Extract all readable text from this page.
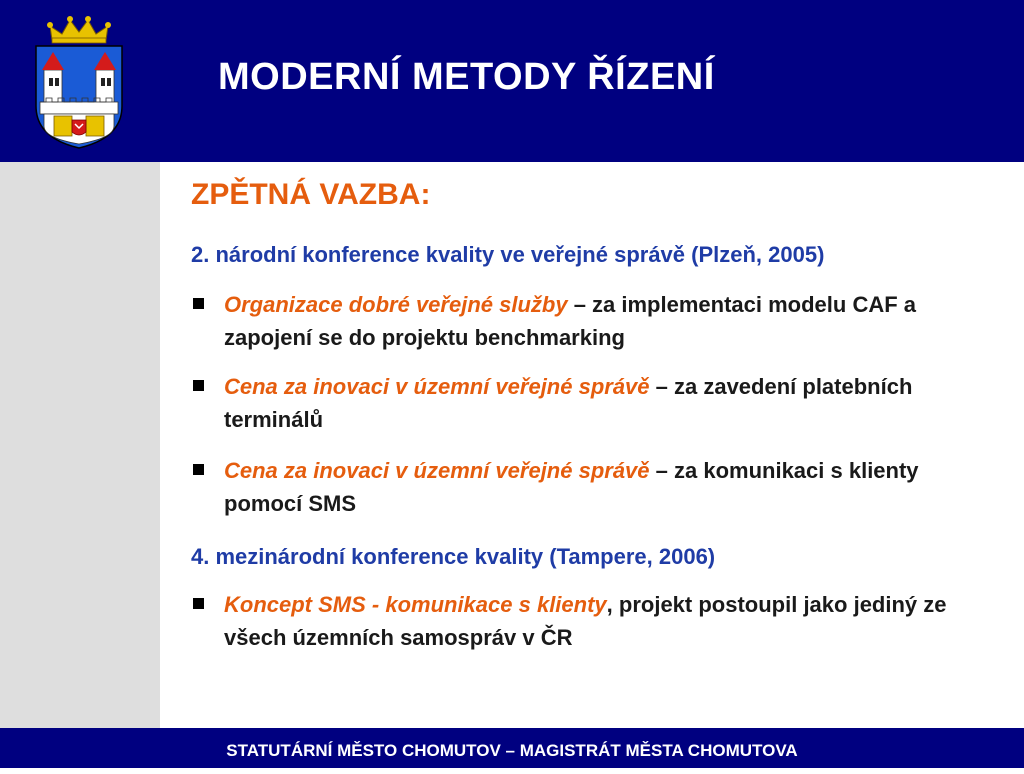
MODERNÍ METODY ŘÍZENÍ
ZPĚTNÁ VAZBA:
2. národní konference kvality ve veřejné správě (Plzeň, 2005)
Organizace dobré veřejné služby – za implementaci modelu CAF a zapojení se do projektu benchmarking
Cena za inovaci v územní veřejné správě – za zavedení platebních terminálů
Cena za inovaci v územní veřejné správě – za komunikaci s klienty pomocí SMS
4. mezinárodní konference kvality (Tampere, 2006)
Koncept SMS - komunikace s klienty, projekt postoupil jako jediný ze všech územních samospráv v ČR
STATUTÁRNÍ MĚSTO CHOMUTOV – MAGISTRÁT MĚSTA CHOMUTOVA
